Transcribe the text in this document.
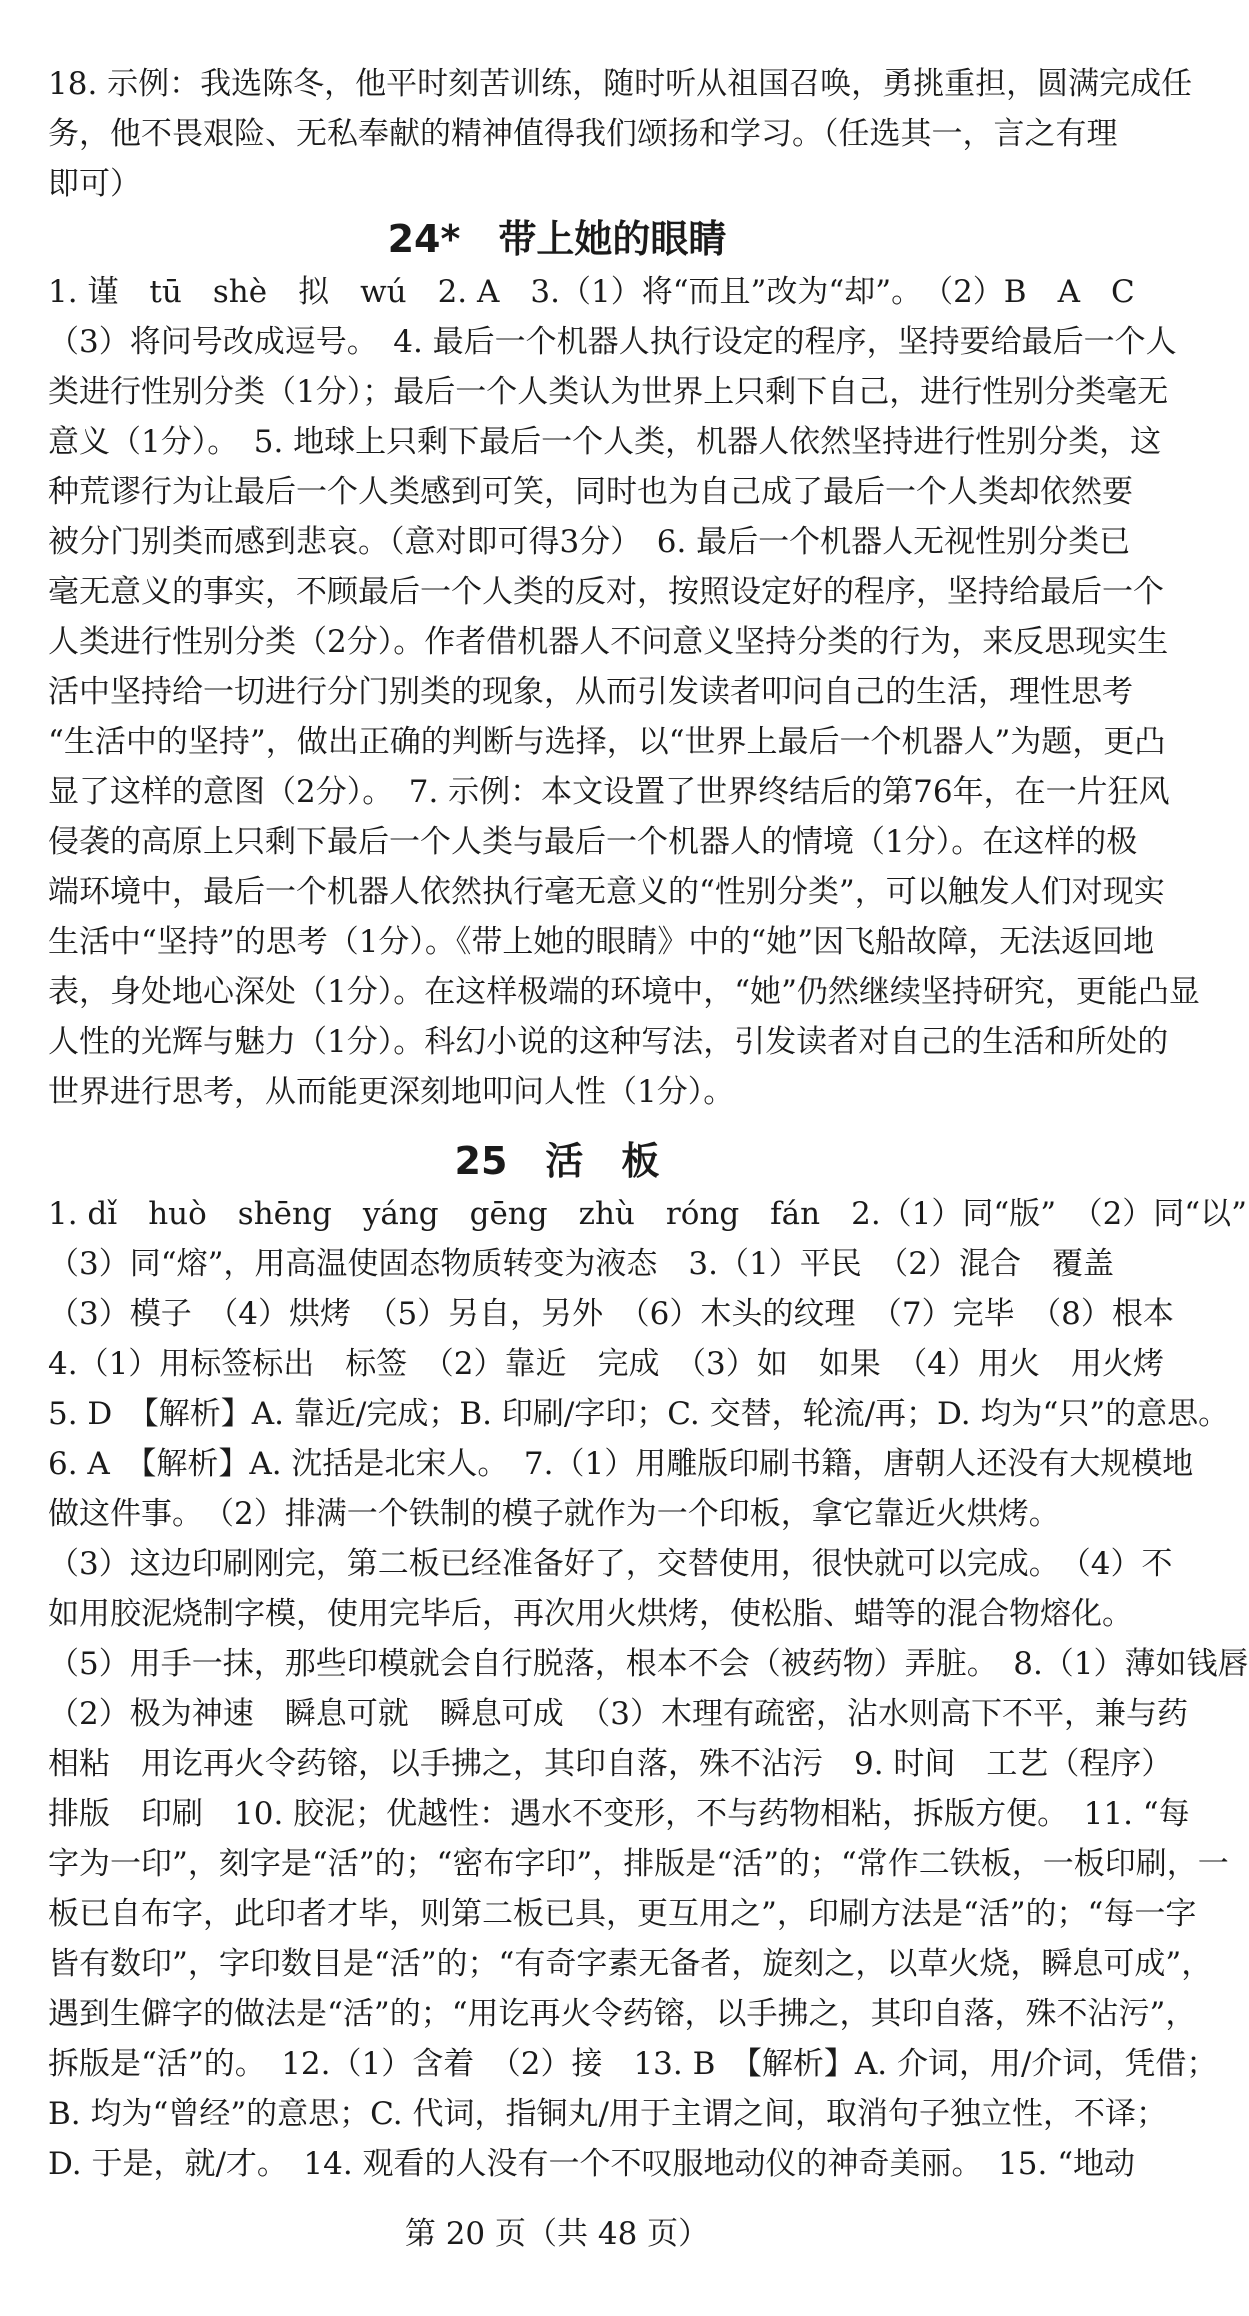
18. 示例：我选陈冬，他平时刻苦训练，随时听从祖国召唤，勇挑重担，圆满完成任
务，他不畏艰险、无私奉献的精神值得我们颂扬和学习。（任选其一，言之有理
即可）
24*　带上她的眼睛
1. 谨　tū　shè　拟　wú　2. A　3.（1）将“而且”改为“却”。　（2）B　A　C
（3）将问号改成逗号。　4. 最后一个机器人执行设定的程序，坚持要给最后一个人
类进行性别分类（1分）；最后一个人类认为世界上只剩下自己，进行性别分类毫无
意义（1分）。　5. 地球上只剩下最后一个人类，机器人依然坚持进行性别分类，这
种荒谬行为让最后一个人类感到可笑，同时也为自己成了最后一个人类却依然要
被分门别类而感到悲哀。（意对即可得3分）　6. 最后一个机器人无视性别分类已
毫无意义的事实，不顾最后一个人类的反对，按照设定好的程序，坚持给最后一个
人类进行性别分类（2分）。作者借机器人不问意义坚持分类的行为，来反思现实生
活中坚持给一切进行分门别类的现象，从而引发读者叩问自己的生活，理性思考
“生活中的坚持”，做出正确的判断与选择，以“世界上最后一个机器人”为题，更凸
显了这样的意图（2分）。　7. 示例：本文设置了世界终结后的第76年，在一片狂风
侵袭的高原上只剩下最后一个人类与最后一个机器人的情境（1分）。在这样的极
端环境中，最后一个机器人依然执行毫无意义的“性别分类”，可以触发人们对现实
生活中“坚持”的思考（1分）。《带上她的眼睛》中的“她”因飞船故障，无法返回地
表，身处地心深处（1分）。在这样极端的环境中，“她”仍然继续坚持研究，更能凸显
人性的光辉与魅力（1分）。科幻小说的这种写法，引发读者对自己的生活和所处的
世界进行思考，从而能更深刻地叩问人性（1分）。
25　活　板
1. dǐ　huò　shēng　yáng　gēng　zhù　róng　fán　2.（1）同“版”　（2）同“以”
（3）同“熔”，用高温使固态物质转变为液态　3.（1）平民　（2）混合　覆盖
（3）模子　（4）烘烤　（5）另自，另外　（6）木头的纹理　（7）完毕　（8）根本
4.（1）用标签标出　标签　（2）靠近　完成　（3）如　如果　（4）用火　用火烤
5. D　【解析】A. 靠近/完成；B. 印刷/字印；C. 交替，轮流/再；D. 均为“只”的意思。
6. A　【解析】A. 沈括是北宋人。　7.（1）用雕版印刷书籍，唐朝人还没有大规模地
做这件事。　（2）排满一个铁制的模子就作为一个印板，拿它靠近火烘烤。
（3）这边印刷刚完，第二板已经准备好了，交替使用，很快就可以完成。　（4）不
如用胶泥烧制字模，使用完毕后，再次用火烘烤，使松脂、蜡等的混合物熔化。
（5）用手一抹，那些印模就会自行脱落，根本不会（被药物）弄脏。　8.（1）薄如钱唇
（2）极为神速　瞬息可就　瞬息可成　（3）木理有疏密，沾水则高下不平，兼与药
相粘　用讫再火令药镕，以手拂之，其印自落，殊不沾污　9. 时间　工艺（程序）
排版　印刷　10. 胶泥；优越性：遇水不变形，不与药物相粘，拆版方便。　11. “每
字为一印”，刻字是“活”的；“密布字印”，排版是“活”的；“常作二铁板，一板印刷，一
板已自布字，此印者才毕，则第二板已具，更互用之”，印刷方法是“活”的；“每一字
皆有数印”，字印数目是“活”的；“有奇字素无备者，旋刻之，以草火烧，瞬息可成”，
遇到生僻字的做法是“活”的；“用讫再火令药镕，以手拂之，其印自落，殊不沾污”，
拆版是“活”的。　12.（1）含着　（2）接　13. B　【解析】A. 介词，用/介词，凭借；
B. 均为“曾经”的意思；C. 代词，指铜丸/用于主谓之间，取消句子独立性，不译；
D. 于是，就/才。　14. 观看的人没有一个不叹服地动仪的神奇美丽。　15. “地动
第 20 页（共 48 页）
